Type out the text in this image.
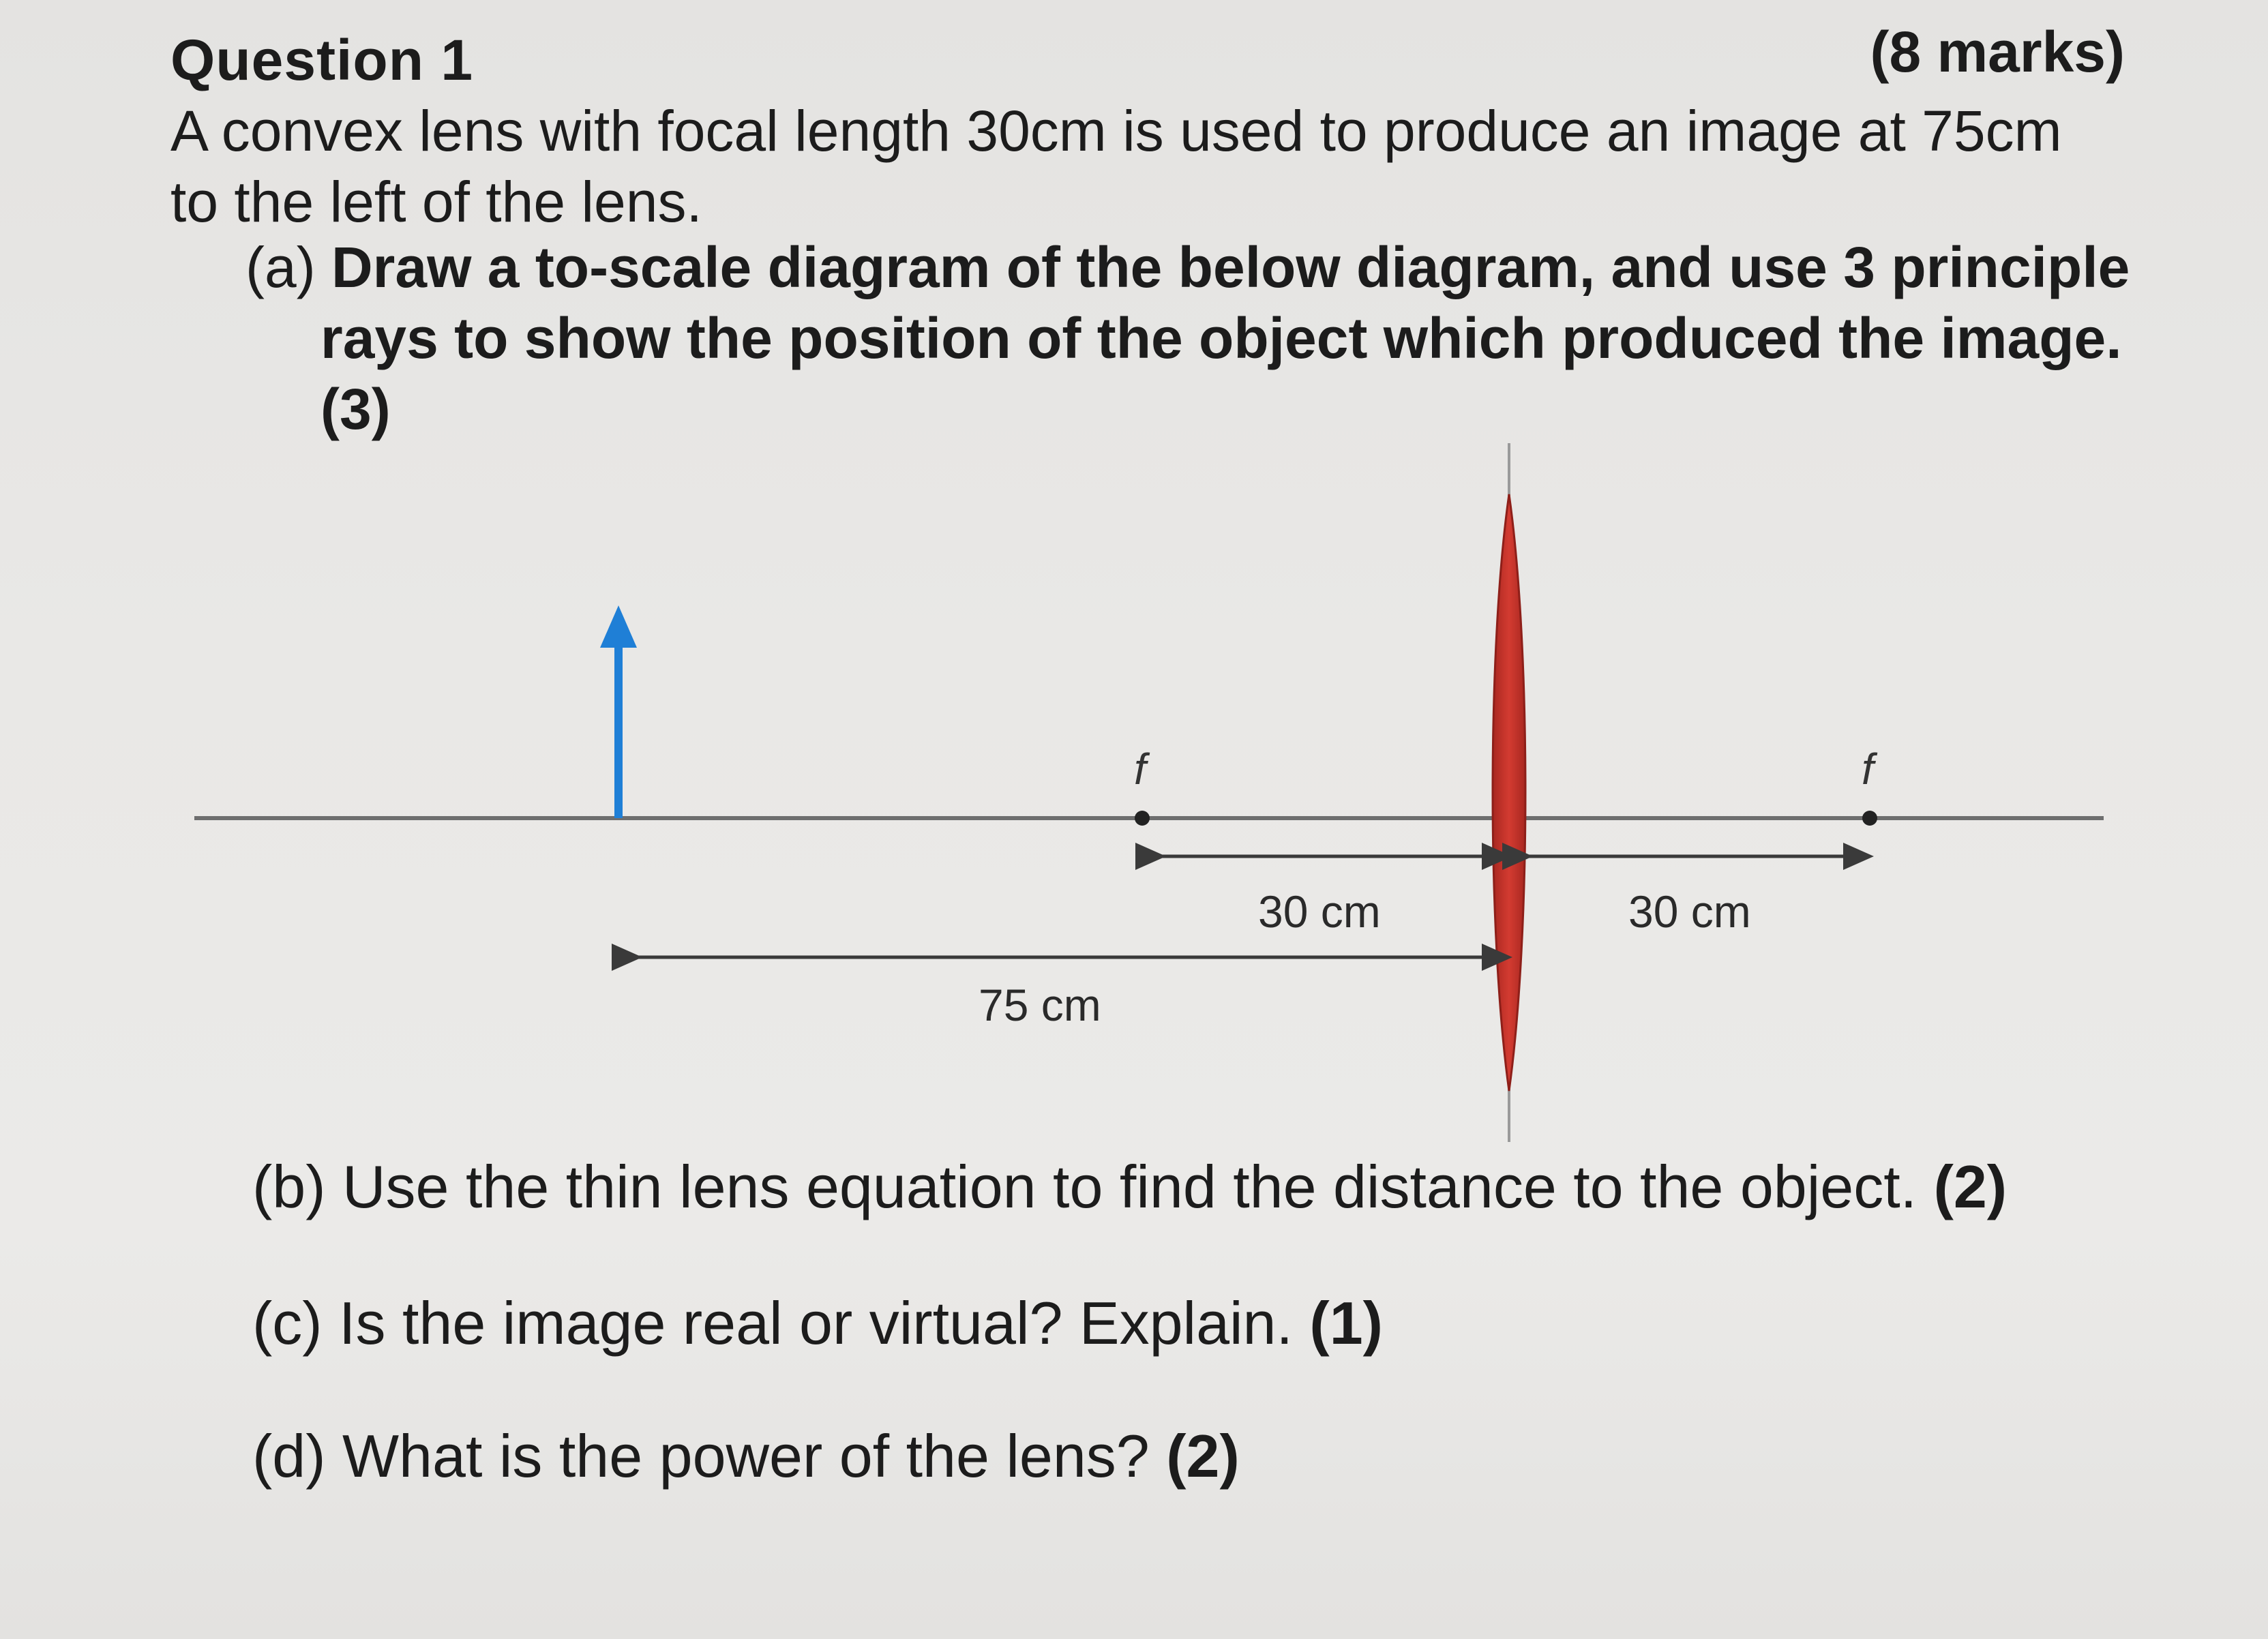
Question 1	(8 marks)
A convex lens with focal length 30cm is used to produce an image at 75cm
to the left of the lens.
(a) Draw a to-scale diagram of the below diagram, and use 3 principle
rays to show the position of the object which produced the image.
(3)
f	f
30 cm	30 cm
75 cm
(b) Use the thin lens equation to find the distance to the object. (2)
(c) Is the image real or virtual? Explain. (1)
(d) What is the power of the lens? (2)
